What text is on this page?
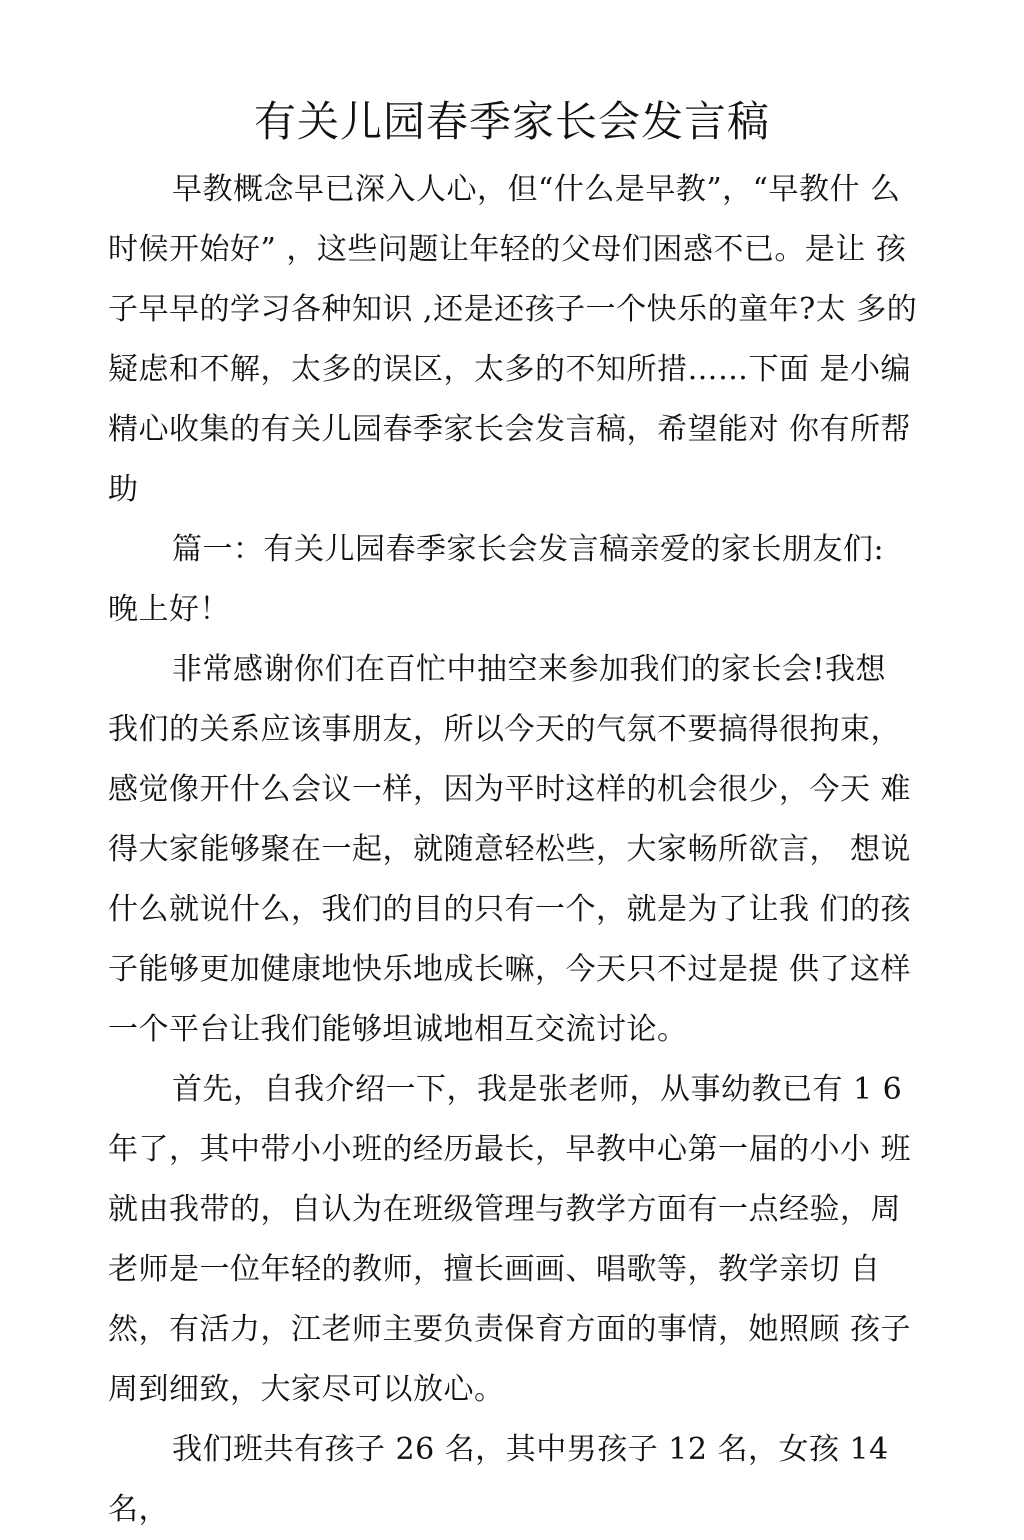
有关儿园春季家长会发言稿

早教概念早已深入人心，但“什么是早教”，“早教什 么时候开始好” ，这些问题让年轻的父母们困惑不已。是让 孩子早早的学习各种知识 ,还是还孩子一个快乐的童年?太 多的疑虑和不解，太多的误区，太多的不知所措……下面 是小编精心收集的有关儿园春季家长会发言稿，希望能对 你有所帮助

篇一：有关儿园春季家长会发言稿亲爱的家长朋友们: 晚上好！

非常感谢你们在百忙中抽空来参加我们的家长会!我想 我们的关系应该事朋友，所以今天的气氛不要搞得很拘束，感觉像开什么会议一样，因为平时这样的机会很少，今天 难得大家能够聚在一起，就随意轻松些，大家畅所欲言， 想说什么就说什么，我们的目的只有一个，就是为了让我 们的孩子能够更加健康地快乐地成长嘛，今天只不过是提 供了这样一个平台让我们能够坦诚地相互交流讨论。

首先，自我介绍一下，我是张老师，从事幼教已有 1 6 年了，其中带小小班的经历最长，早教中心第一届的小小 班就由我带的，自认为在班级管理与教学方面有一点经验，周老师是一位年轻的教师，擅长画画、唱歌等，教学亲切 自然，有活力，江老师主要负责保育方面的事情，她照顾 孩子周到细致，大家尽可以放心。

我们班共有孩子 26 名，其中男孩子 12 名，女孩 14 名，
